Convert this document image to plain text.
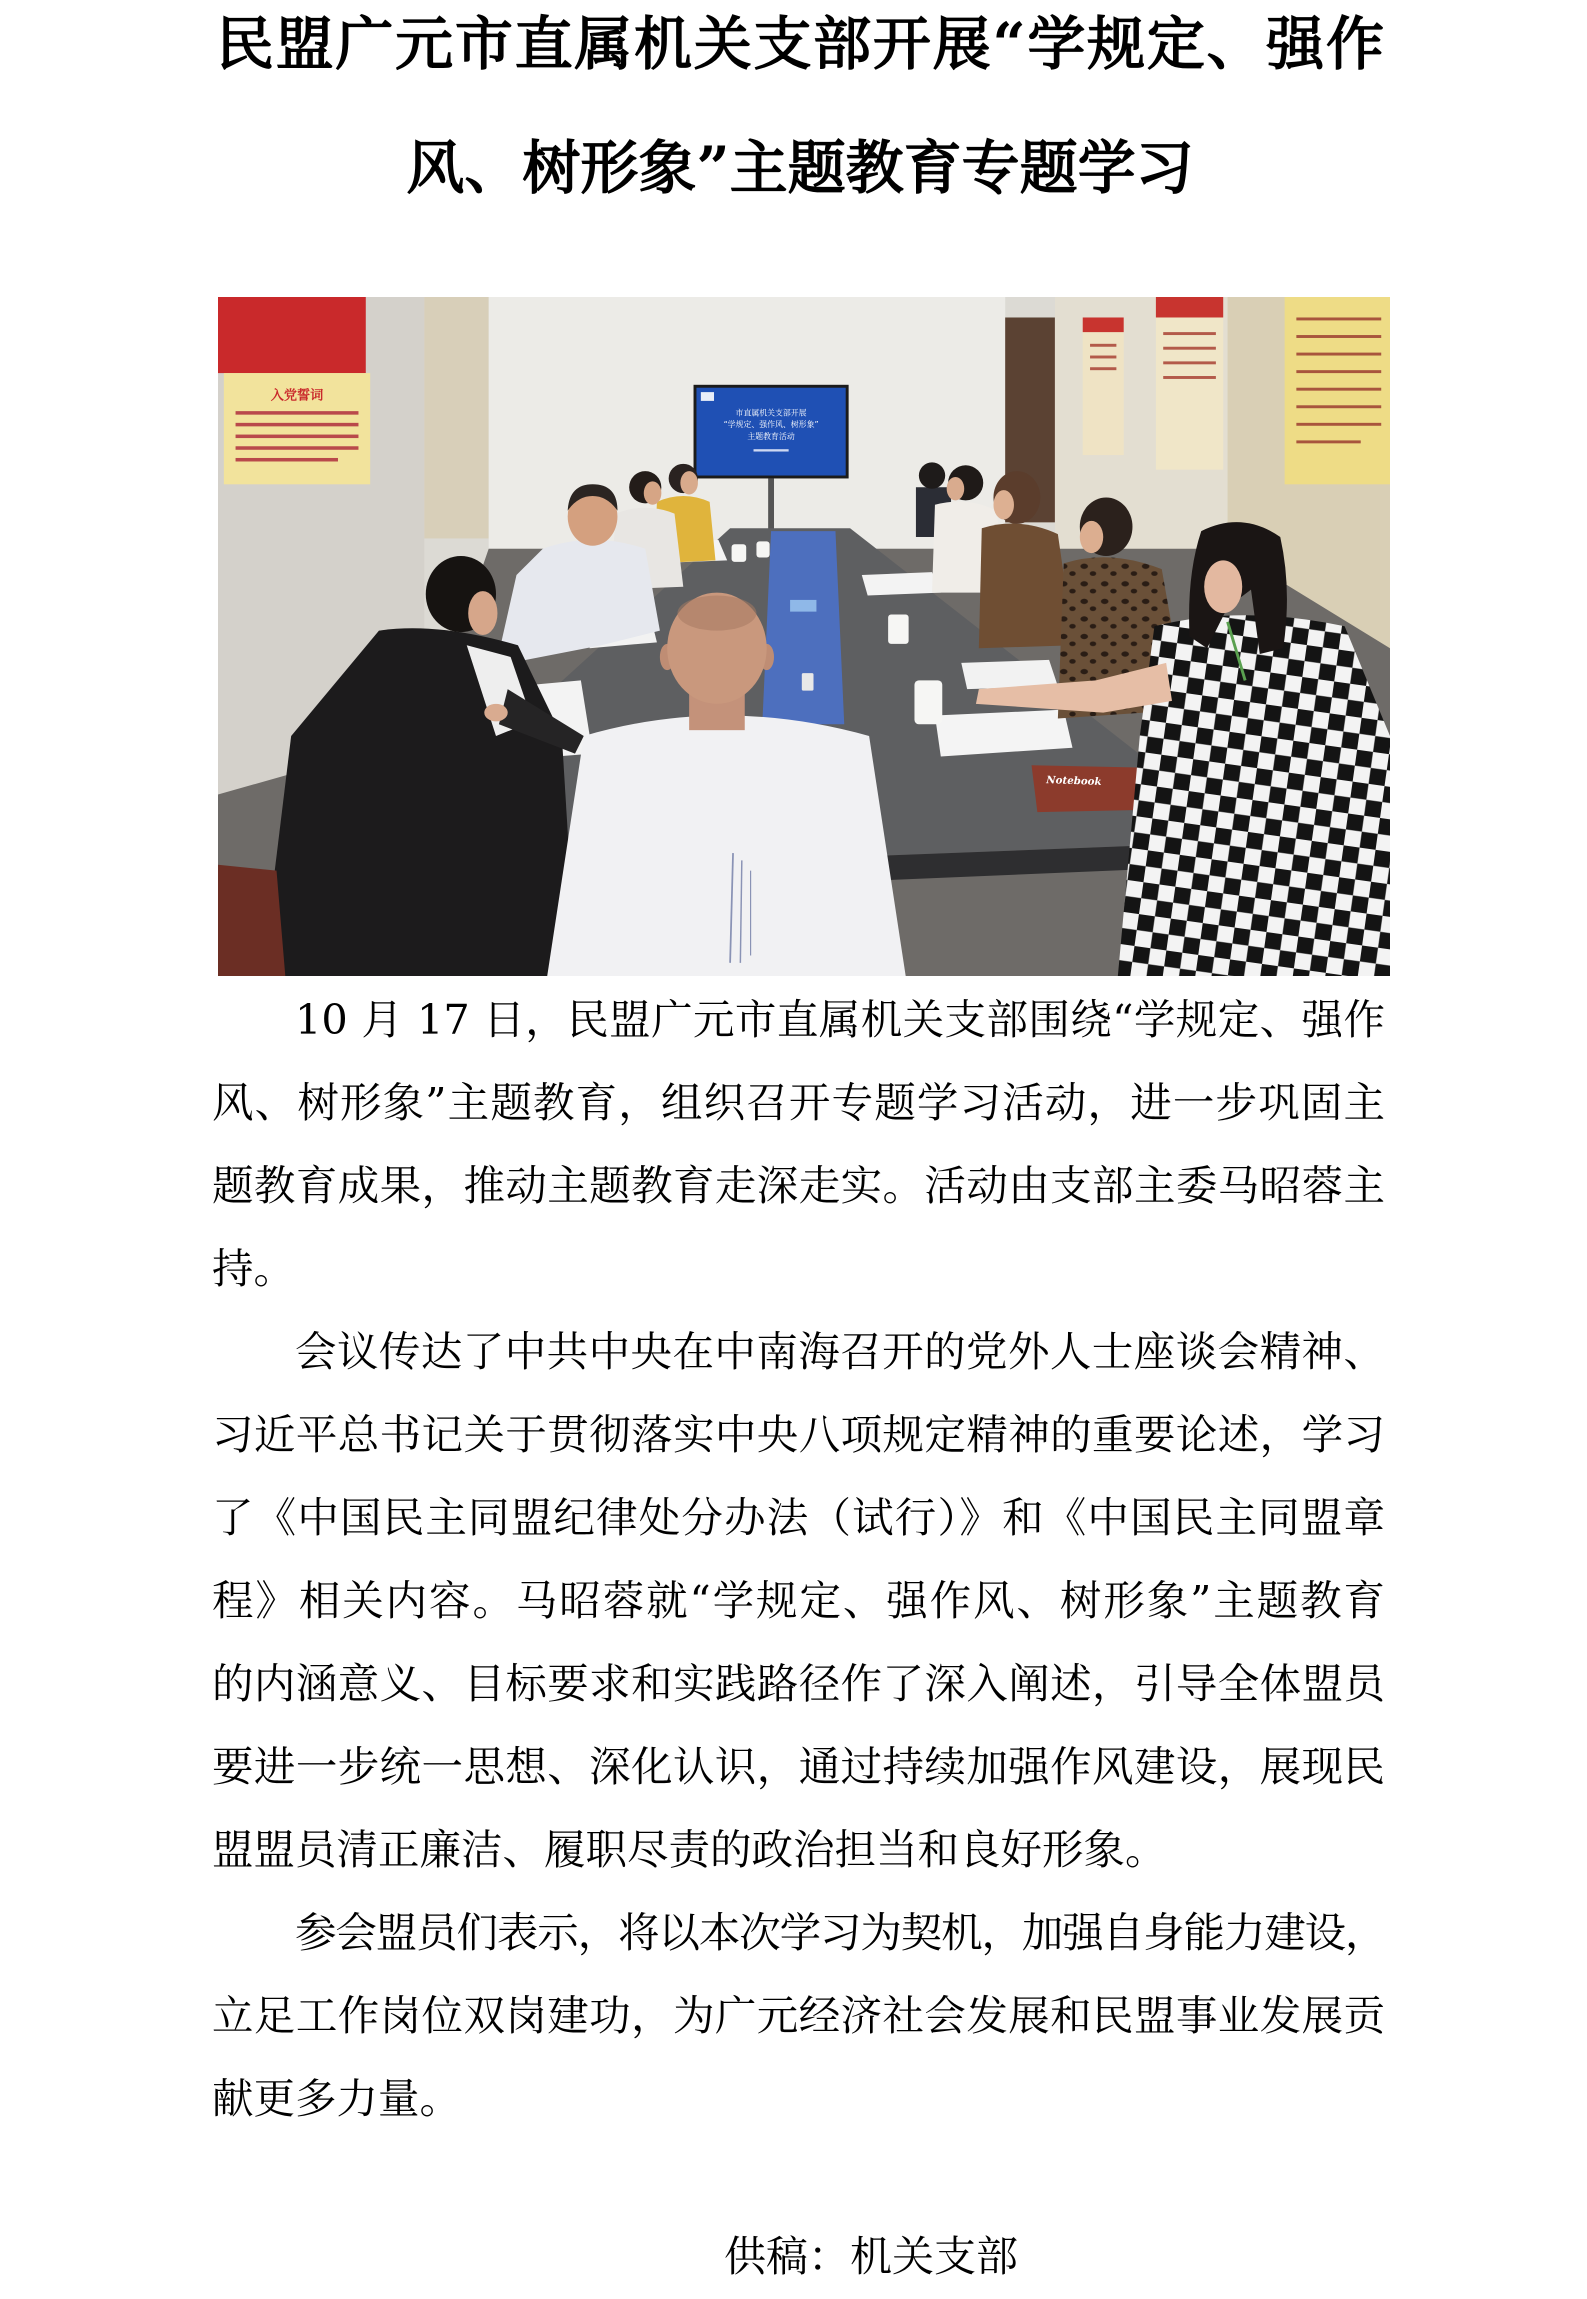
民盟广元市直属机关支部开展“学规定、强作
风、树形象”主题教育专题学习
入党誓词
市直属机关支部开展
“学规定、强作风、树形象”
主题教育活动
Notebook
10 月 17 日，民盟广元市直属机关支部围绕“学规定、强作
风、树形象”主题教育，组织召开专题学习活动，进一步巩固主
题教育成果，推动主题教育走深走实。活动由支部主委马昭蓉主
持。
会议传达了中共中央在中南海召开的党外人士座谈会精神、
习近平总书记关于贯彻落实中央八项规定精神的重要论述，学习
了《中国民主同盟纪律处分办法（试行）》和《中国民主同盟章
程》相关内容。马昭蓉就“学规定、强作风、树形象”主题教育
的内涵意义、目标要求和实践路径作了深入阐述，引导全体盟员
要进一步统一思想、深化认识，通过持续加强作风建设，展现民
盟盟员清正廉洁、履职尽责的政治担当和良好形象。
参会盟员们表示，将以本次学习为契机，加强自身能力建设，
立足工作岗位双岗建功，为广元经济社会发展和民盟事业发展贡
献更多力量。
供稿：机关支部
